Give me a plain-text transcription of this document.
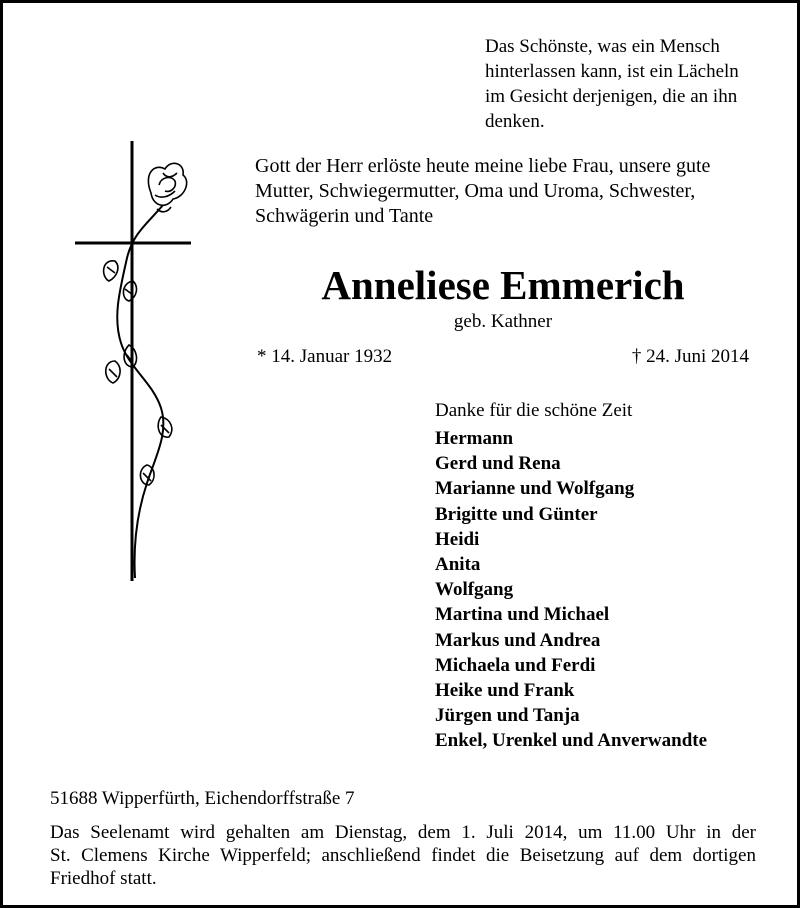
Das Schönste, was ein Mensch
hinterlassen kann, ist ein Lächeln
im Gesicht derjenigen, die an ihn
denken.
Gott der Herr erlöste heute meine liebe Frau, unsere gute
Mutter, Schwiegermutter, Oma und Uroma, Schwester,
Schwägerin und Tante
Anneliese Emmerich
geb. Kathner
* 14. Januar 1932	† 24. Juni 2014
Danke für die schöne Zeit
Hermann
Gerd und Rena
Marianne und Wolfgang
Brigitte und Günter
Heidi
Anita
Wolfgang
Martina und Michael
Markus und Andrea
Michaela und Ferdi
Heike und Frank
Jürgen und Tanja
Enkel, Urenkel und Anverwandte
51688 Wipperfürth, Eichendorffstraße 7
Das Seelenamt wird gehalten am Dienstag, dem 1. Juli 2014, um 11.00 Uhr in der
St. Clemens Kirche Wipperfeld; anschließend findet die Beisetzung auf dem dortigen
Friedhof statt.
